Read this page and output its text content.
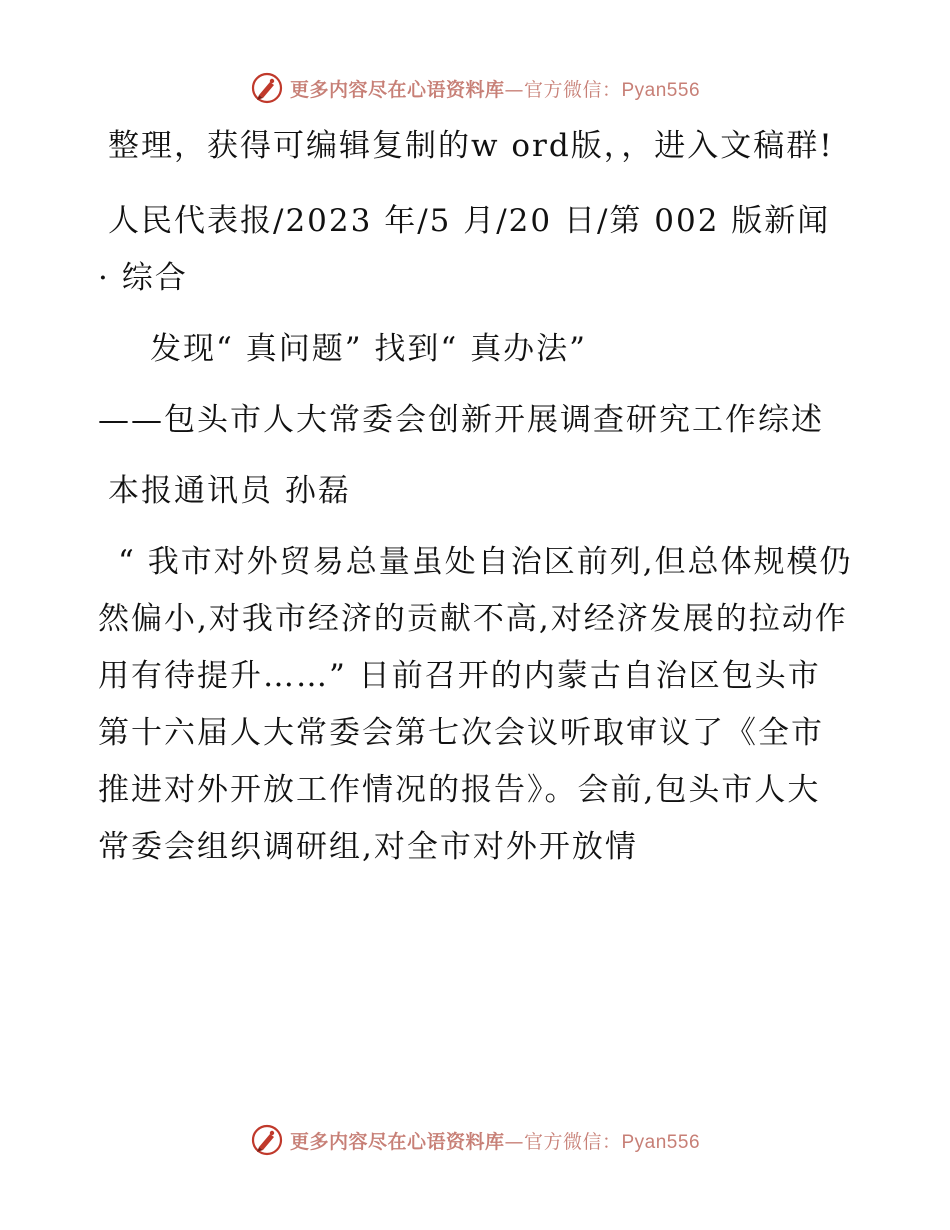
更多内容尽在心语资料库—官方微信：Pyan556

整理，获得可编辑复制的w ord版，，进入文稿群!

人民代表报/2023 年/5 月/20 日/第 002 版新闻 · 综合

发现“ 真问题” 找到“ 真办法”

——包头市人大常委会创新开展调查研究工作综述

本报通讯员 孙磊

“ 我市对外贸易总量虽处自治区前列,但总体规模仍然偏小,对我市经济的贡献不高,对经济发展的拉动作用有待提升……” 日前召开的内蒙古自治区包头市第十六届人大常委会第七次会议听取审议了《全市推进对外开放工作情况的报告》。会前,包头市人大常委会组织调研组,对全市对外开放情

更多内容尽在心语资料库—官方微信：Pyan556
